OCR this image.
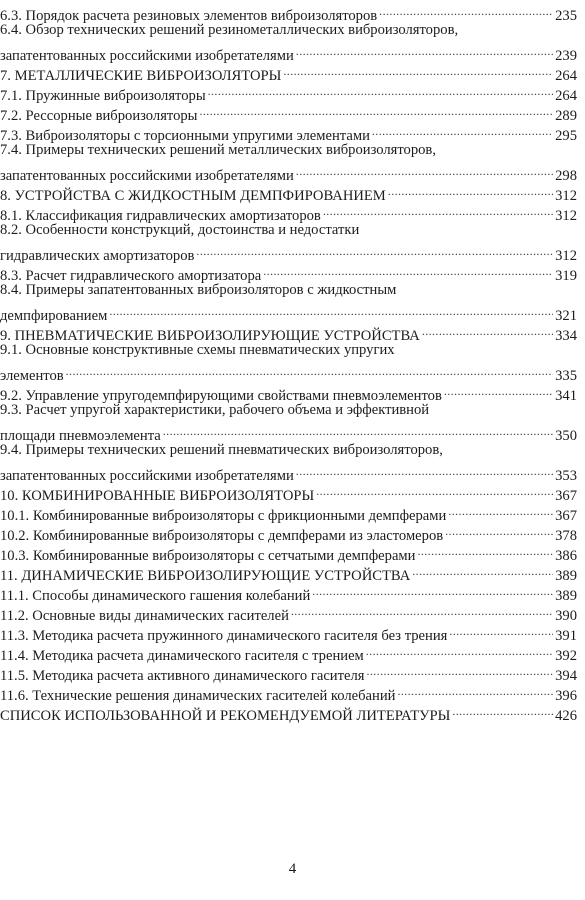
6.3. Порядок расчета резиновых элементов виброизоляторов .....	235
6.4. Обзор технических решений резинометаллических виброизоляторов,
запатентованных российскими изобретателями .....	239
7. МЕТАЛЛИЧЕСКИЕ ВИБРОИЗОЛЯТОРЫ .....	264
7.1. Пружинные виброизоляторы .....	264
7.2. Рессорные виброизоляторы .....	289
7.3. Виброизоляторы с торсионными упругими элементами .....	295
7.4. Примеры технических решений металлических виброизоляторов,
запатентованных российскими изобретателями .....	298
8. УСТРОЙСТВА С ЖИДКОСТНЫМ ДЕМПФИРОВАНИЕМ .....	312
8.1. Классификация гидравлических амортизаторов .....	312
8.2. Особенности конструкций, достоинства и недостатки
гидравлических амортизаторов .....	312
8.3. Расчет гидравлического амортизатора .....	319
8.4. Примеры запатентованных виброизоляторов с жидкостным
демпфированием .....	321
9. ПНЕВМАТИЧЕСКИЕ ВИБРОИЗОЛИРУЮЩИЕ УСТРОЙСТВА .....	334
9.1. Основные конструктивные схемы пневматических упругих
элементов .....	335
9.2. Управление упругодемпфирующими свойствами пневмоэлементов .....	341
9.3. Расчет упругой характеристики, рабочего объема и эффективной
площади пневмоэлемента .....	350
9.4. Примеры технических решений пневматических виброизоляторов,
запатентованных российскими изобретателями .....	353
10. КОМБИНИРОВАННЫЕ ВИБРОИЗОЛЯТОРЫ .....	367
10.1. Комбинированные виброизоляторы с фрикционными демпферами .....	367
10.2. Комбинированные виброизоляторы с демпферами из эластомеров .....	378
10.3. Комбинированные виброизоляторы с сетчатыми демпферами .....	386
11. ДИНАМИЧЕСКИЕ ВИБРОИЗОЛИРУЮЩИЕ УСТРОЙСТВА .....	389
11.1. Способы динамического гашения колебаний .....	389
11.2. Основные виды динамических гасителей .....	390
11.3. Методика расчета пружинного динамического гасителя без трения .....	391
11.4. Методика расчета динамического гасителя с трением .....	392
11.5. Методика расчета активного динамического гасителя .....	394
11.6. Технические решения динамических гасителей колебаний .....	396
СПИСОК ИСПОЛЬЗОВАННОЙ И РЕКОМЕНДУЕМОЙ ЛИТЕРАТУРЫ .....	426
4
